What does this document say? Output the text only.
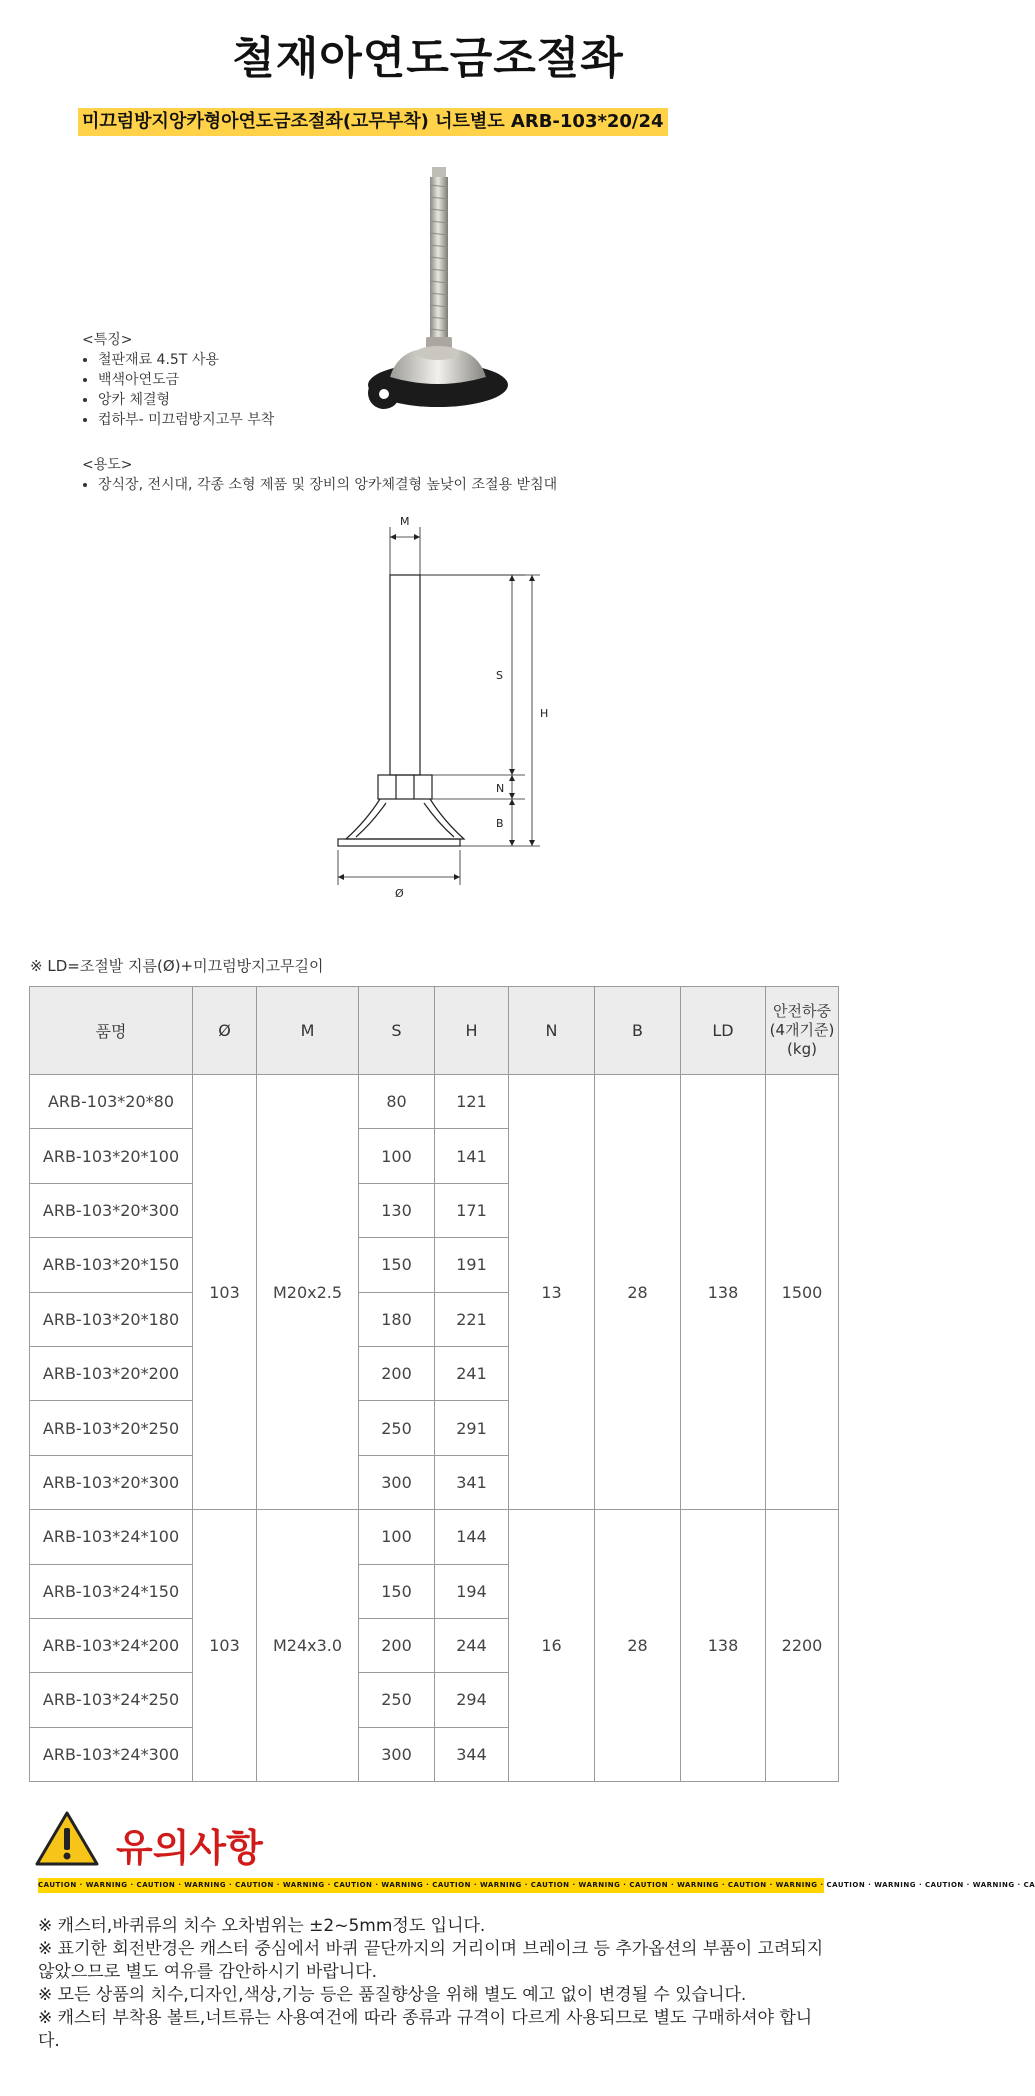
철재아연도금조절좌
미끄럼방지앙카형아연도금조절좌(고무부착) 너트별도 ARB-103*20/24
<특징>
• 철판재료 4.5T 사용
• 백색아연도금
• 앙카 체결형
• 컵하부- 미끄럼방지고무 부착
<용도>
• 장식장, 전시대, 각종 소형 제품 및 장비의 앙카체결형 높낮이 조절용 받침대
M
S
N
B
H
Ø
※ LD=조절발 지름(Ø)+미끄럼방지고무길이
품명	Ø	M	S	H	N	B	LD	안전하중(4개기준)(kg)
ARB-103*20*80	103	M20x2.5	80	121	13	28	138	1500
ARB-103*20*100			100	141				
ARB-103*20*300			130	171				
ARB-103*20*150			150	191				
ARB-103*20*180			180	221				
ARB-103*20*200			200	241				
ARB-103*20*250			250	291				
ARB-103*20*300			300	341				
ARB-103*24*100	103	M24x3.0	100	144	16	28	138	2200
ARB-103*24*150			150	194				
ARB-103*24*200			200	244				
ARB-103*24*250			250	294				
ARB-103*24*300			300	344				
유의사항
CAUTION · WARNING · CAUTION · WARNING · CAUTION · WARNING · CAUTION · WARNING · CAUTION · WARNING · CAUTION · WARNING · CAUTION · WARNING · CAUTION · WARNING · CAUTION · WARNING · CAUTION · WARNING · CA

※ 캐스터,바퀴류의 치수 오차범위는 ±2~5mm정도 입니다.

※ 표기한 회전반경은 캐스터 중심에서 바퀴 끝단까지의 거리이며 브레이크 등 추가옵션의 부품이 고려되지 않았으므로 별도 여유를 감안하시기 바랍니다.

※ 모든 상품의 치수,디자인,색상,기능 등은 품질향상을 위해 별도 예고 없이 변경될 수 있습니다.

※ 캐스터 부착용 볼트,너트류는 사용여건에 따라 종류과 규격이 다르게 사용되므로 별도 구매하셔야 합니다.
